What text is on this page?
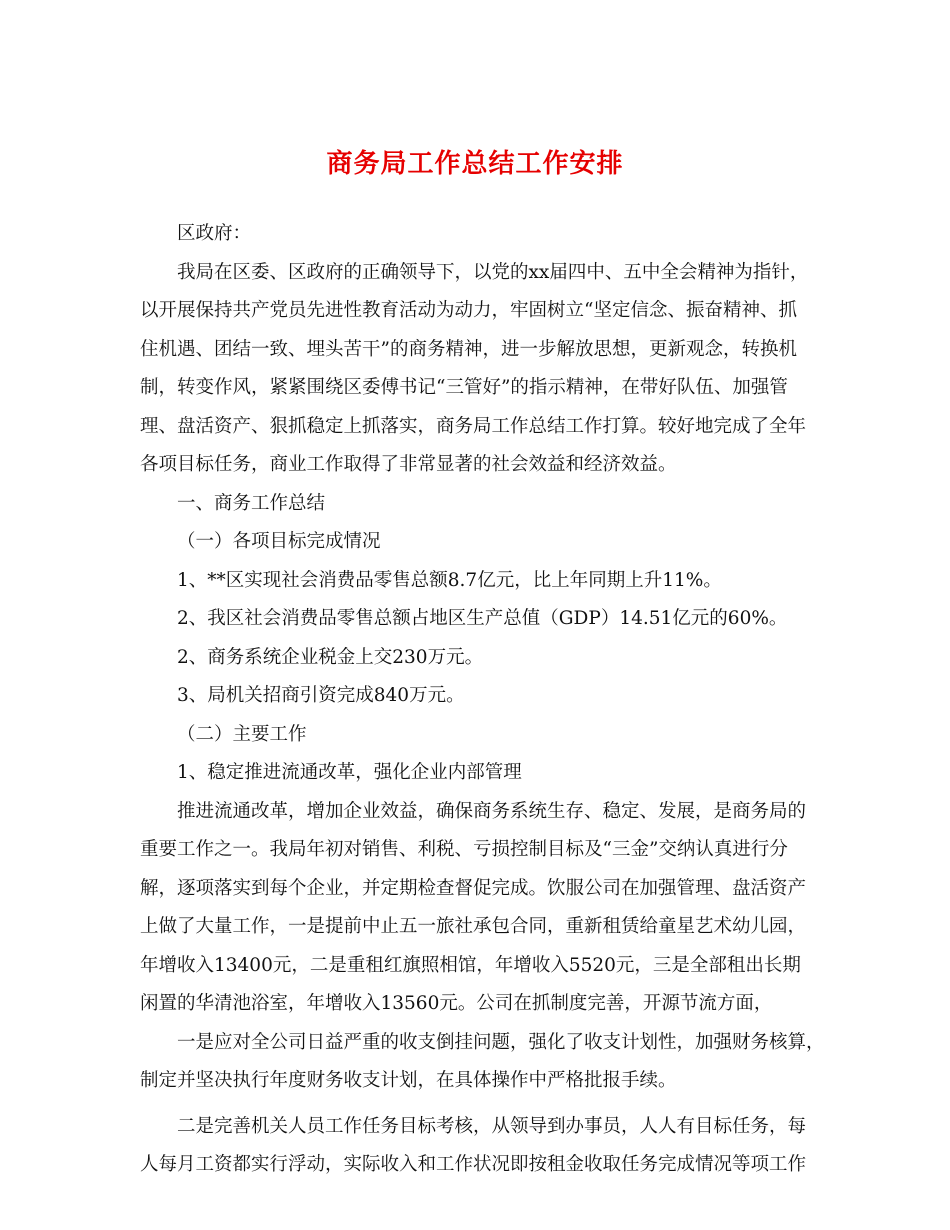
商务局工作总结工作安排

区政府：

我局在区委、区政府的正确领导下，以党的xx届四中、五中全会精神为指针，

以开展保持共产党员先进性教育活动为动力，牢固树立“坚定信念、振奋精神、抓

住机遇、团结一致、埋头苦干”的商务精神，进一步解放思想，更新观念，转换机

制，转变作风，紧紧围绕区委傅书记“三管好”的指示精神，在带好队伍、加强管

理、盘活资产、狠抓稳定上抓落实，商务局工作总结工作打算。较好地完成了全年

各项目标任务，商业工作取得了非常显著的社会效益和经济效益。

一、商务工作总结

（一）各项目标完成情况

1、**区实现社会消费品零售总额8.7亿元，比上年同期上升11%。

2、我区社会消费品零售总额占地区生产总值（GDP）14.51亿元的60%。

2、商务系统企业税金上交230万元。

3、局机关招商引资完成840万元。

（二）主要工作

1、稳定推进流通改革，强化企业内部管理

推进流通改革，增加企业效益，确保商务系统生存、稳定、发展，是商务局的

重要工作之一。我局年初对销售、利税、亏损控制目标及“三金”交纳认真进行分

解，逐项落实到每个企业，并定期检查督促完成。饮服公司在加强管理、盘活资产

上做了大量工作，一是提前中止五一旅社承包合同，重新租赁给童星艺术幼儿园，

年增收入13400元，二是重租红旗照相馆，年增收入5520元，三是全部租出长期

闲置的华清池浴室，年增收入13560元。公司在抓制度完善，开源节流方面，

一是应对全公司日益严重的收支倒挂问题，强化了收支计划性，加强财务核算，

制定并坚决执行年度财务收支计划，在具体操作中严格批报手续。

二是完善机关人员工作任务目标考核，从领导到办事员，人人有目标任务，每

人每月工资都实行浮动，实际收入和工作状况即按租金收取任务完成情况等项工作
